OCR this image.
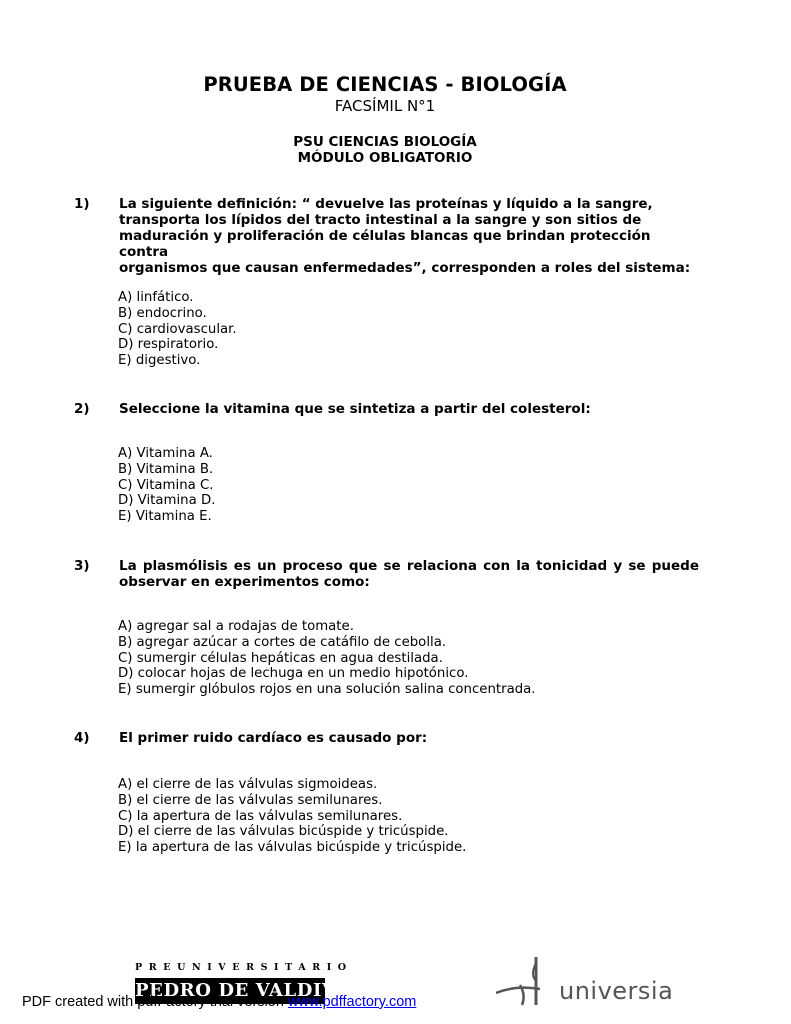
PRUEBA DE CIENCIAS - BIOLOGÍA
FACSÍMIL N°1
PSU CIENCIAS BIOLOGÍA
MÓDULO OBLIGATORIO
1) La siguiente definición: “ devuelve las proteínas y líquido a la sangre,
transporta los lípidos del tracto intestinal a la sangre y son sitios de
maduración y proliferación de células blancas que brindan protección contra
organismos que causan enfermedades”, corresponden a roles del sistema:
A) linfático.
B) endocrino.
C) cardiovascular.
D) respiratorio.
E) digestivo.
2) Seleccione la vitamina que se sintetiza a partir del colesterol:
A) Vitamina A.
B) Vitamina B.
C) Vitamina C.
D) Vitamina D.
E) Vitamina E.
3) La plasmólisis es un proceso que se relaciona con la tonicidad y se puede
observar en experimentos como:
A) agregar sal a rodajas de tomate.
B) agregar azúcar a cortes de catáfilo de cebolla.
C) sumergir células hepáticas en agua destilada.
D) colocar hojas de lechuga en un medio hipotónico.
E) sumergir glóbulos rojos en una solución salina concentrada.
4) El primer ruido cardíaco es causado por:
A) el cierre de las válvulas sigmoideas.
B) el cierre de las válvulas semilunares.
C) la apertura de las válvulas semilunares.
D) el cierre de las válvulas bicúspide y tricúspide.
E) la apertura de las válvulas bicúspide y tricúspide.
PREUNIVERSITARIO
PEDRO DE VALDIVIA	universia
PDF created with pdfFactory trial version www.pdffactory.com
